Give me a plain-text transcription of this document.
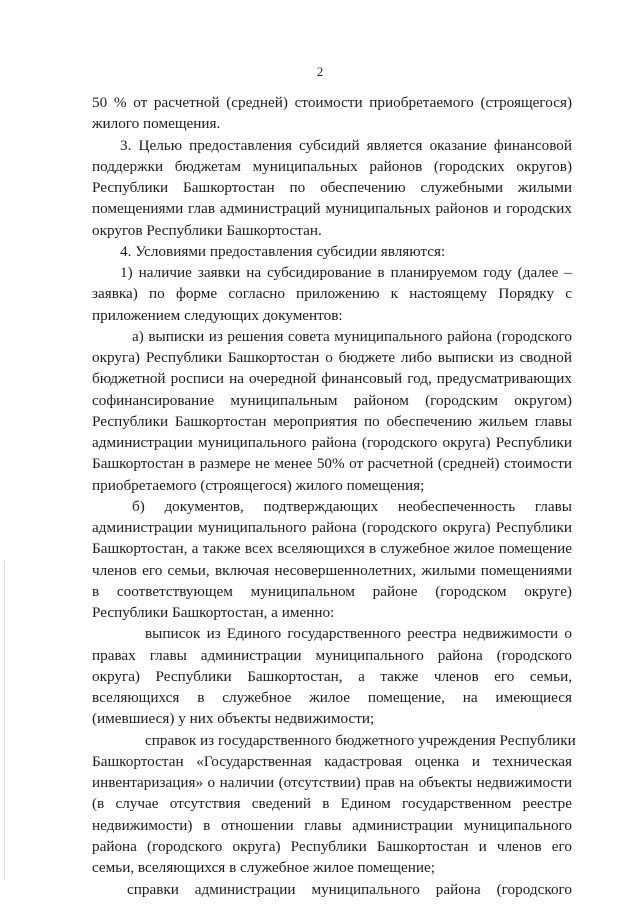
2
50 % от расчетной (средней) стоимости приобретаемого (строящегося)
жилого помещения.
3. Целью предоставления субсидий является оказание финансовой
поддержки бюджетам муниципальных районов (городских округов)
Республики Башкортостан по обеспечению служебными жилыми
помещениями глав администраций муниципальных районов и городских
округов Республики Башкортостан.
4. Условиями предоставления субсидии являются:
1) наличие заявки на субсидирование в планируемом году (далее –
заявка) по форме согласно приложению к настоящему Порядку с
приложением следующих документов:
а) выписки из решения совета муниципального района (городского
округа) Республики Башкортостан о бюджете либо выписки из сводной
бюджетной росписи на очередной финансовый год, предусматривающих
софинансирование муниципальным районом (городским округом)
Республики Башкортостан мероприятия по обеспечению жильем главы
администрации муниципального района (городского округа) Республики
Башкортостан в размере не менее 50% от расчетной (средней) стоимости
приобретаемого (строящегося) жилого помещения;
б) документов, подтверждающих необеспеченность главы
администрации муниципального района (городского округа) Республики
Башкортостан, а также всех вселяющихся в служебное жилое помещение
членов его семьи, включая несовершеннолетних, жилыми помещениями
в соответствующем муниципальном районе (городском округе)
Республики Башкортостан, а именно:
выписок из Единого государственного реестра недвижимости о
правах главы администрации муниципального района (городского
округа) Республики Башкортостан, а также членов его семьи,
вселяющихся в служебное жилое помещение, на имеющиеся
(имевшиеся) у них объекты недвижимости;
справок из государственного бюджетного учреждения Республики
Башкортостан «Государственная кадастровая оценка и техническая
инвентаризация» о наличии (отсутствии) прав на объекты недвижимости
(в случае отсутствия сведений в Едином государственном реестре
недвижимости) в отношении главы администрации муниципального
района (городского округа) Республики Башкортостан и членов его
семьи, вселяющихся в служебное жилое помещение;
справки администрации муниципального района (городского
